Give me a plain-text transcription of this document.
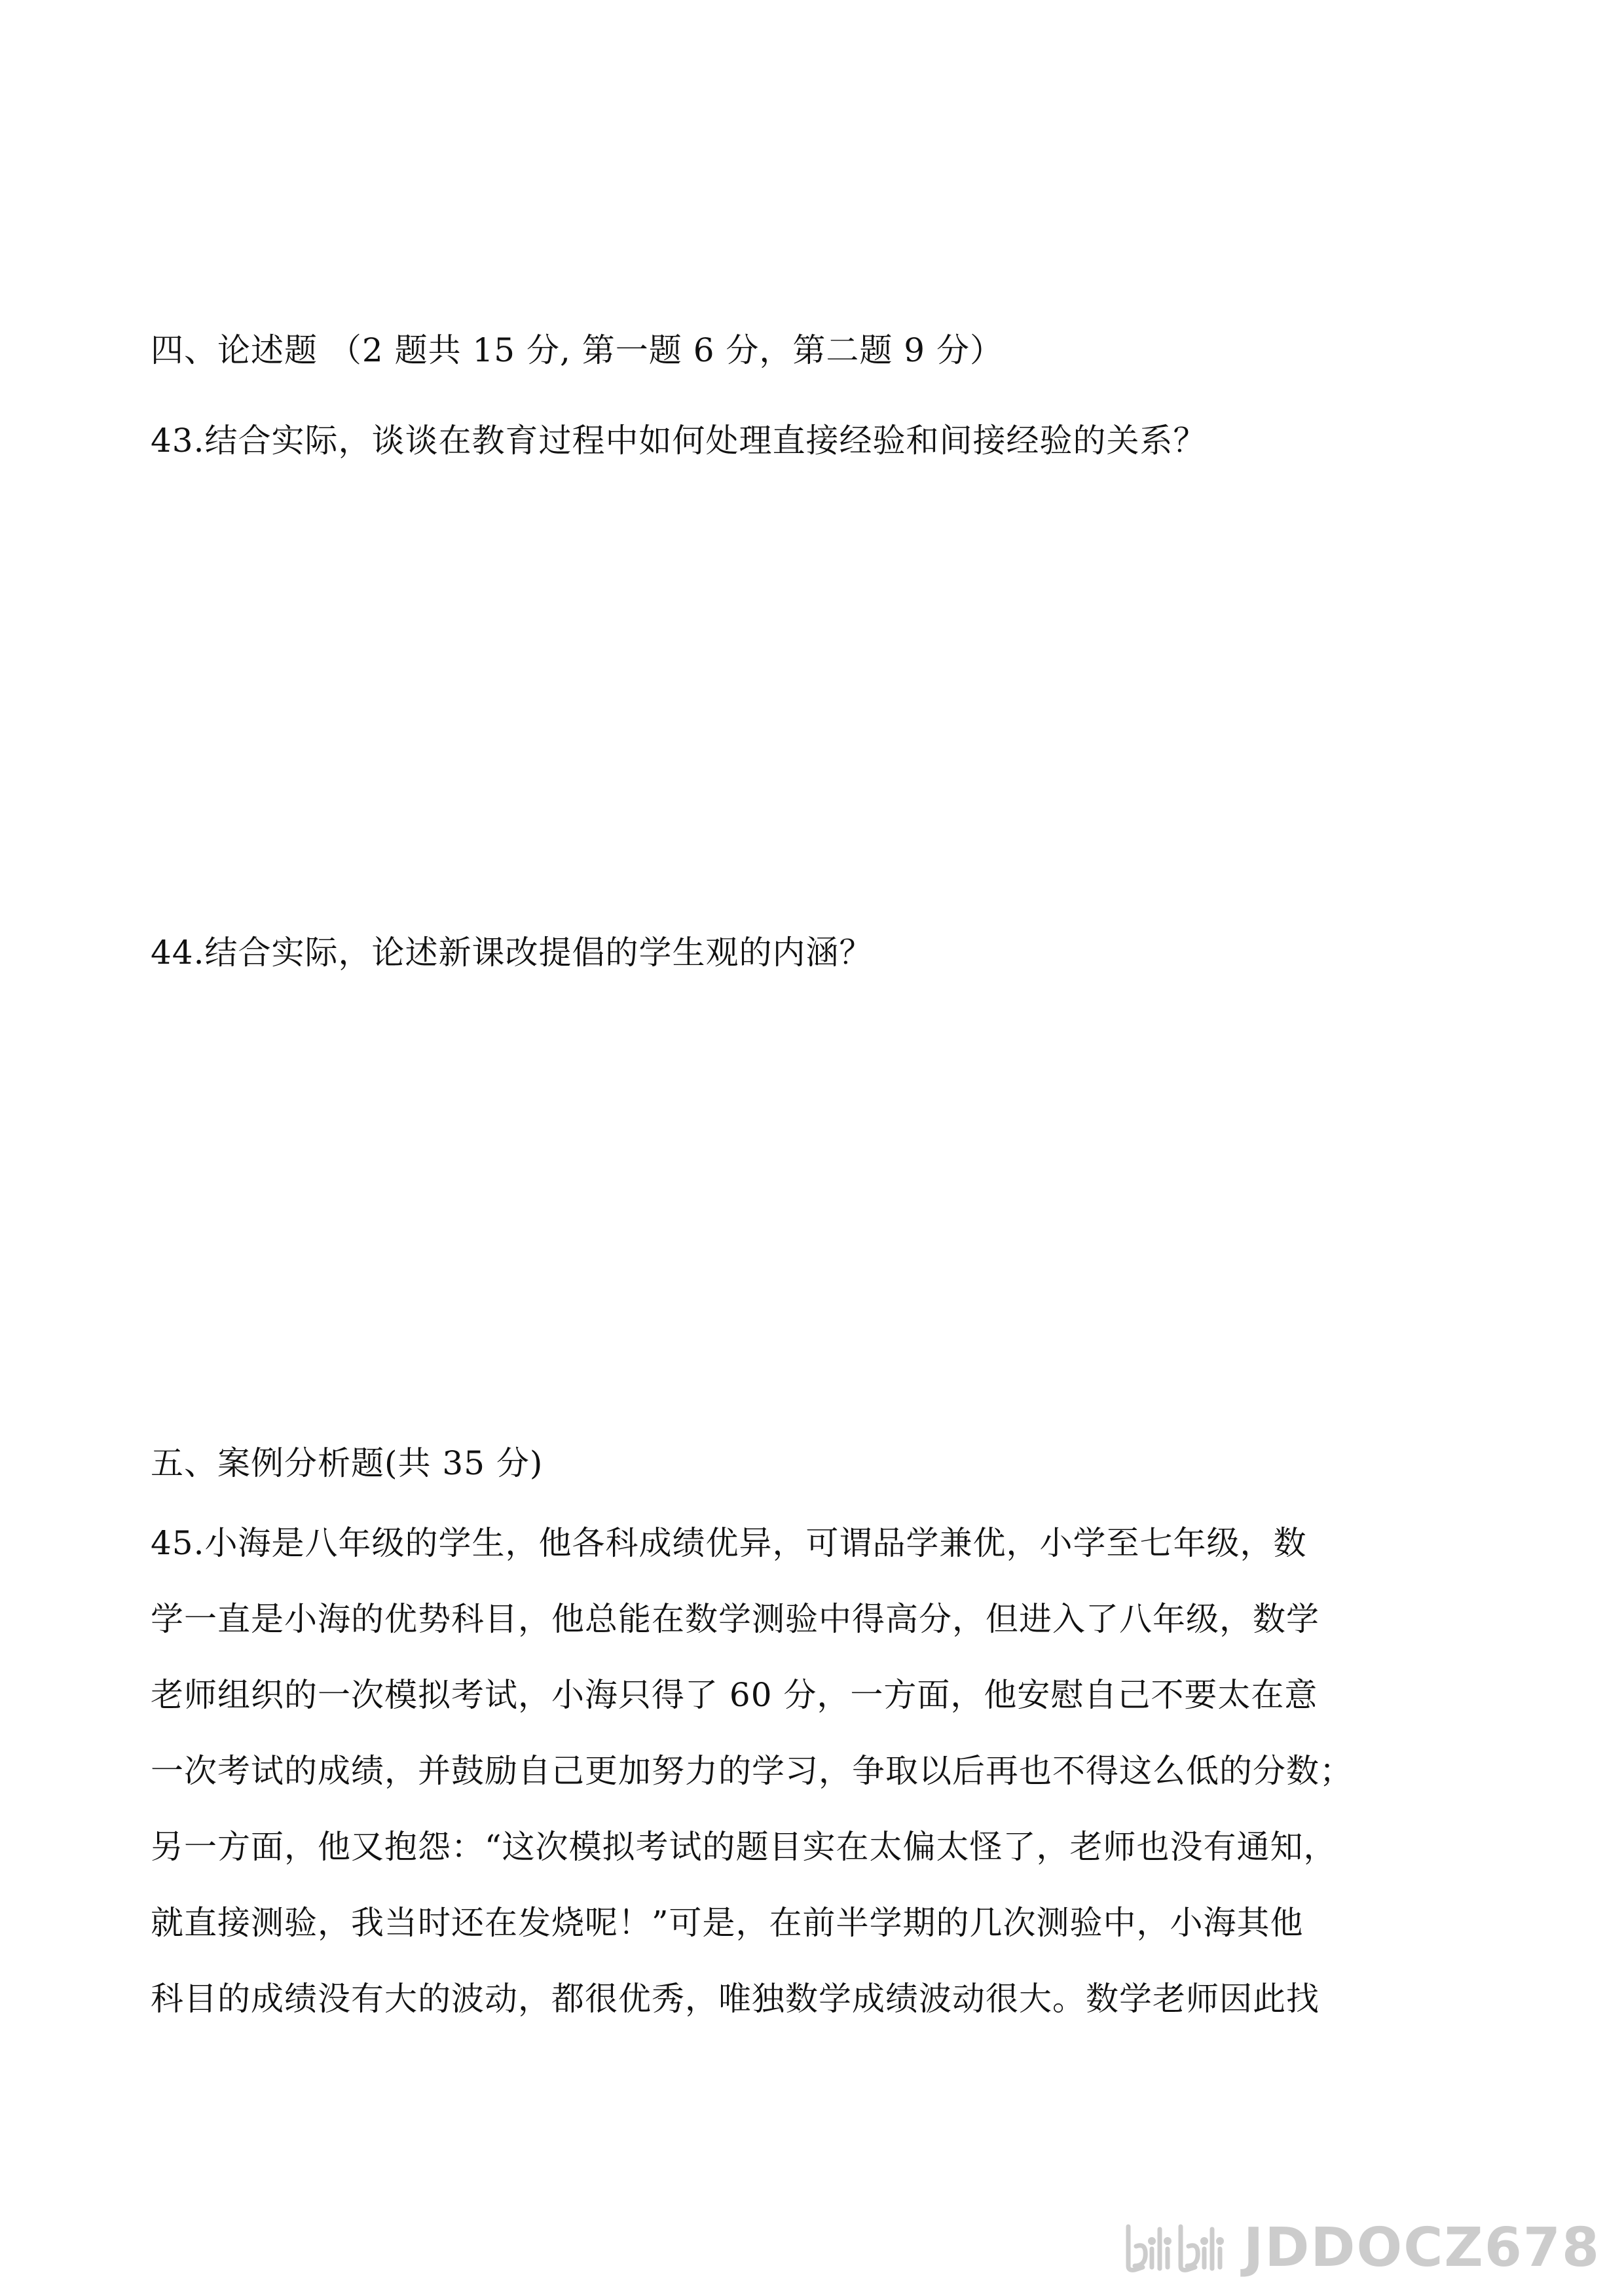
四、论述题 （2 题共 15 分, 第一题 6 分，第二题 9 分）
43.结合实际，谈谈在教育过程中如何处理直接经验和间接经验的关系？
44.结合实际，论述新课改提倡的学生观的内涵？
五、案例分析题(共 35 分)
45.小海是八年级的学生，他各科成绩优异，可谓品学兼优，小学至七年级，数
学一直是小海的优势科目，他总能在数学测验中得高分，但进入了八年级，数学
老师组织的一次模拟考试，小海只得了 60 分，一方面，他安慰自己不要太在意
一次考试的成绩，并鼓励自己更加努力的学习，争取以后再也不得这么低的分数；
另一方面，他又抱怨：“这次模拟考试的题目实在太偏太怪了，老师也没有通知，
就直接测验，我当时还在发烧呢！”可是，在前半学期的几次测验中，小海其他
科目的成绩没有大的波动，都很优秀，唯独数学成绩波动很大。数学老师因此找
JDDOCZ678
